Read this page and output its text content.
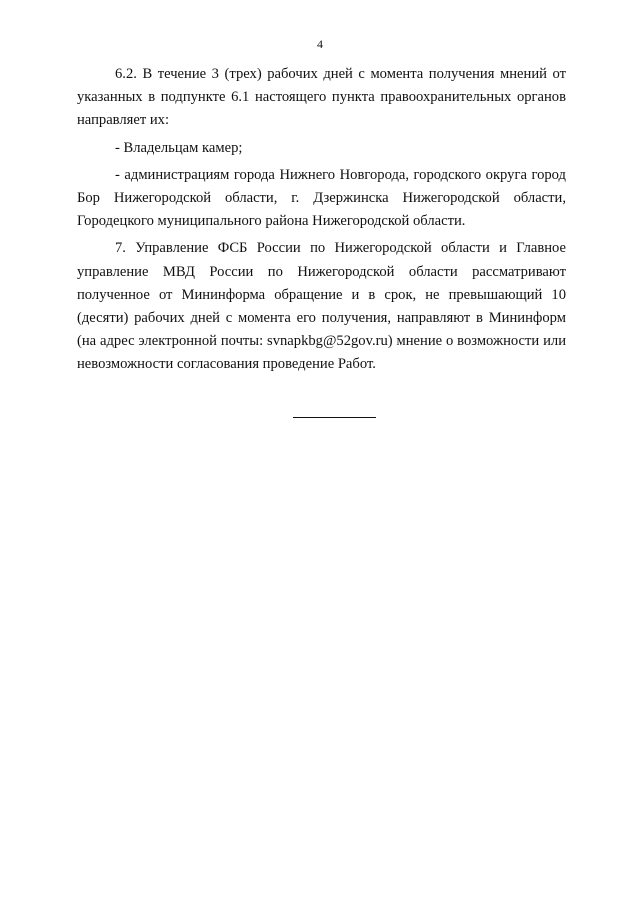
4

6.2. В течение 3 (трех) рабочих дней с момента получения мнений от указанных в подпункте 6.1 настоящего пункта правоохранительных органов направляет их:

- Владельцам камер;

- администрациям города Нижнего Новгорода, городского округа город Бор Нижегородской области, г. Дзержинска Нижегородской области, Городецкого муниципального района Нижегородской области.

7. Управление ФСБ России по Нижегородской области и Главное управление МВД России по Нижегородской области рассматривают полученное от Мининформа обращение и в срок, не превышающий 10 (десяти) рабочих дней с момента его получения, направляют в Мининформ (на адрес электронной почты: svnapkbg@52gov.ru) мнение о возможности или невозможности согласования проведение Работ.
